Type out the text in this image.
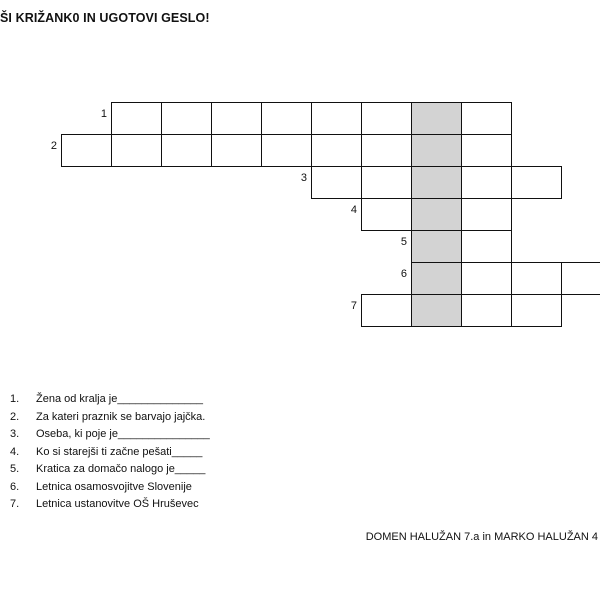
ŠI KRIŽANK0 IN UGOTOVI GESLO!
1
2
3
4
5
6
7
1.	Žena od kralja je______________
2.	Za kateri praznik se barvajo jajčka.
3.	Oseba, ki poje je_______________
4.	Ko si starejši ti začne pešati_____
5.	Kratica za domačo nalogo je_____
6.	Letnica osamosvojitve Slovenije
7.	Letnica ustanovitve OŠ Hruševec
DOMEN HALUŽAN 7.a in MARKO HALUŽAN 4
